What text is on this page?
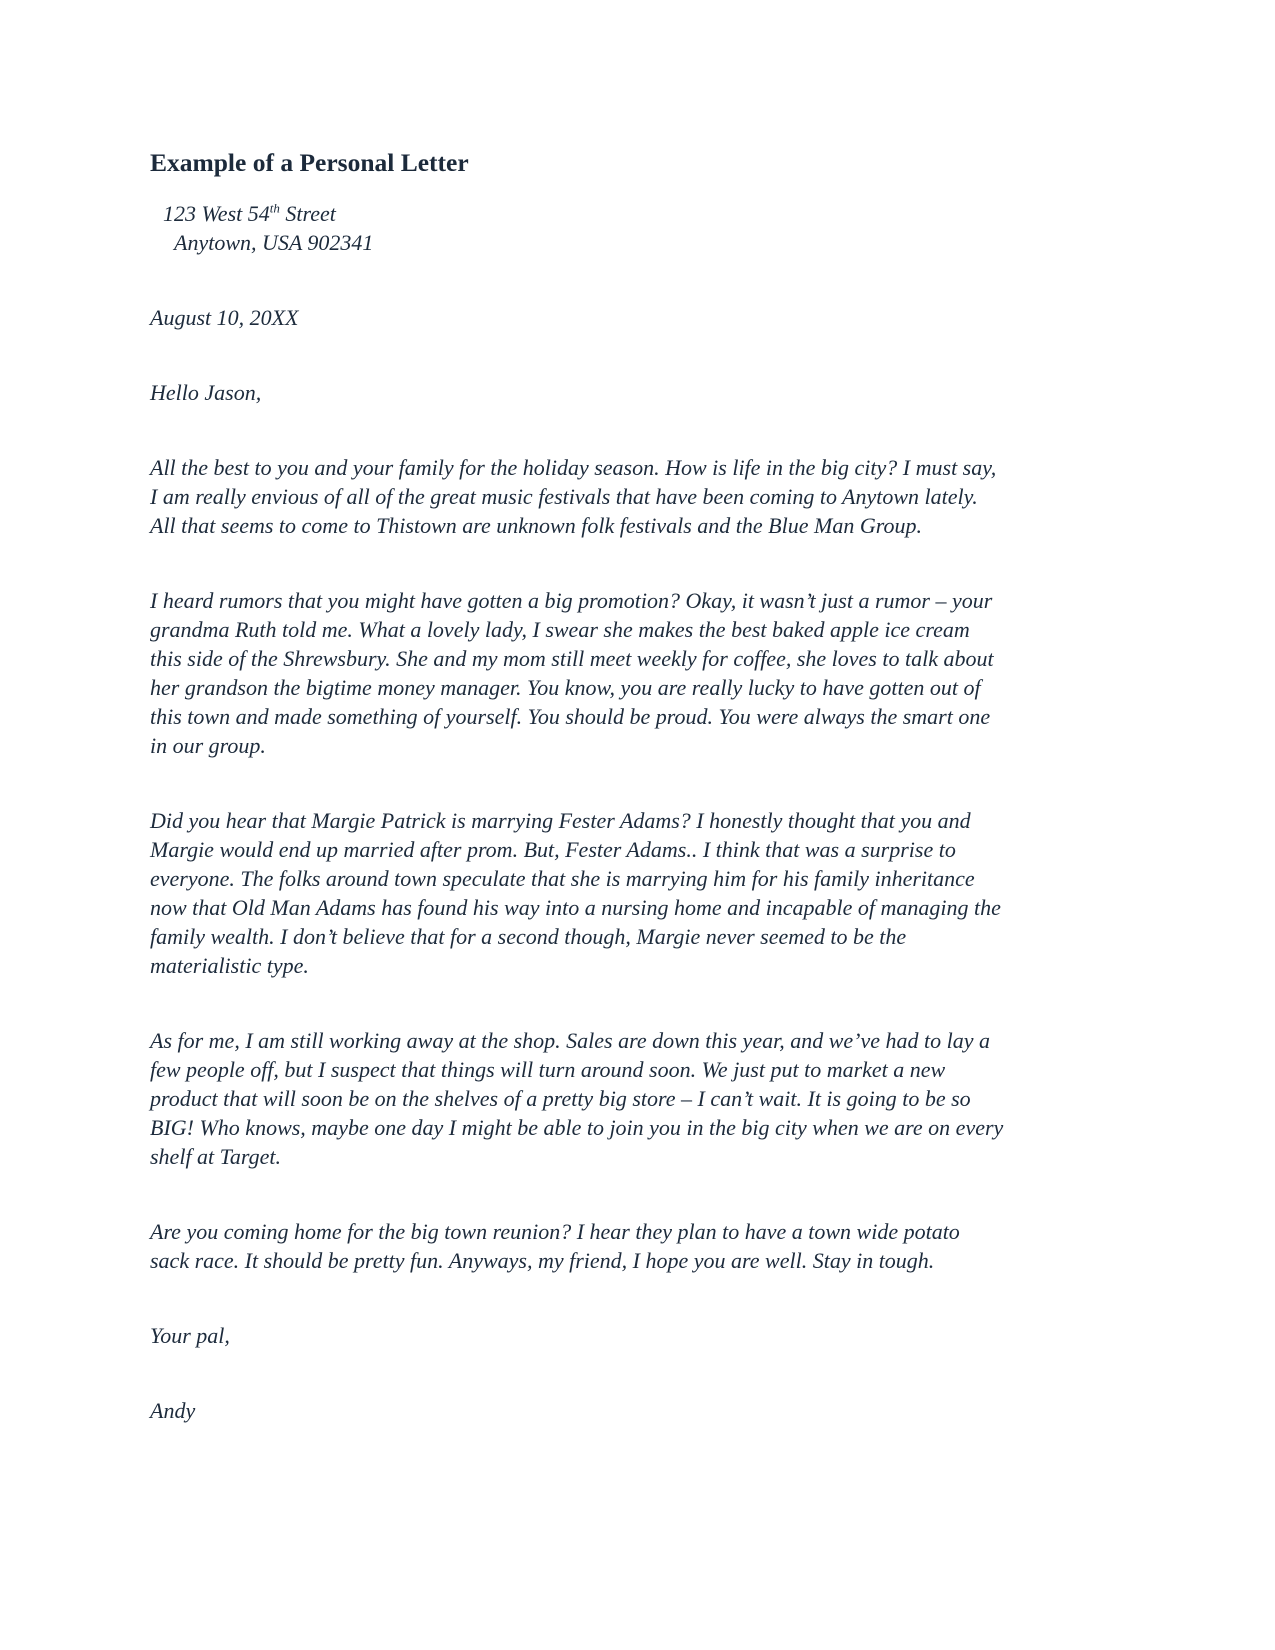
Example of a Personal Letter
123 West 54th Street
Anytown, USA 902341
August 10, 20XX
Hello Jason,
All the best to you and your family for the holiday season. How is life in the big city? I must say,
I am really envious of all of the great music festivals that have been coming to Anytown lately.
All that seems to come to Thistown are unknown folk festivals and the Blue Man Group.
I heard rumors that you might have gotten a big promotion? Okay, it wasn’t just a rumor – your
grandma Ruth told me. What a lovely lady, I swear she makes the best baked apple ice cream
this side of the Shrewsbury. She and my mom still meet weekly for coffee, she loves to talk about
her grandson the bigtime money manager. You know, you are really lucky to have gotten out of
this town and made something of yourself. You should be proud. You were always the smart one
in our group.
Did you hear that Margie Patrick is marrying Fester Adams? I honestly thought that you and
Margie would end up married after prom. But, Fester Adams.. I think that was a surprise to
everyone. The folks around town speculate that she is marrying him for his family inheritance
now that Old Man Adams has found his way into a nursing home and incapable of managing the
family wealth. I don’t believe that for a second though, Margie never seemed to be the
materialistic type.
As for me, I am still working away at the shop. Sales are down this year, and we’ve had to lay a
few people off, but I suspect that things will turn around soon. We just put to market a new
product that will soon be on the shelves of a pretty big store – I can’t wait. It is going to be so
BIG! Who knows, maybe one day I might be able to join you in the big city when we are on every
shelf at Target.
Are you coming home for the big town reunion? I hear they plan to have a town wide potato
sack race. It should be pretty fun. Anyways, my friend, I hope you are well. Stay in tough.
Your pal,
Andy
